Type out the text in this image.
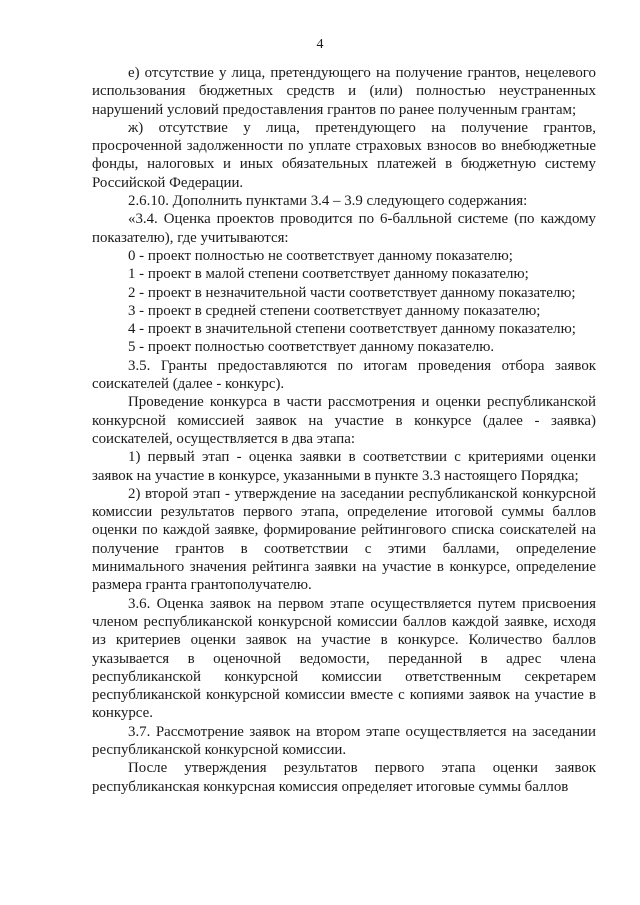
4

е) отсутствие у лица, претендующего на получение грантов, нецелевого использования бюджетных средств и (или) полностью неустраненных нарушений условий предоставления грантов по ранее полученным грантам;

ж) отсутствие у лица, претендующего на получение грантов, просроченной задолженности по уплате страховых взносов во внебюджетные фонды, налоговых и иных обязательных платежей в бюджетную систему Российской Федерации.

2.6.10. Дополнить пунктами 3.4 – 3.9 следующего содержания:

«3.4. Оценка проектов проводится по 6-балльной системе (по каждому показателю), где учитываются:

0 - проект полностью не соответствует данному показателю;

1 - проект в малой степени соответствует данному показателю;

2 - проект в незначительной части соответствует данному показателю;

3 - проект в средней степени соответствует данному показателю;

4 - проект в значительной степени соответствует данному показателю;

5 - проект полностью соответствует данному показателю.

3.5. Гранты предоставляются по итогам проведения отбора заявок соискателей (далее - конкурс).

Проведение конкурса в части рассмотрения и оценки республиканской конкурсной комиссией заявок на участие в конкурсе (далее - заявка) соискателей, осуществляется в два этапа:

1) первый этап - оценка заявки в соответствии с критериями оценки заявок на участие в конкурсе, указанными в пункте 3.3 настоящего Порядка;

2) второй этап - утверждение на заседании республиканской конкурсной комиссии результатов первого этапа, определение итоговой суммы баллов оценки по каждой заявке, формирование рейтингового списка соискателей на получение грантов в соответствии с этими баллами, определение минимального значения рейтинга заявки на участие в конкурсе, определение размера гранта грантополучателю.

3.6. Оценка заявок на первом этапе осуществляется путем присвоения членом республиканской конкурсной комиссии баллов каждой заявке, исходя из критериев оценки заявок на участие в конкурсе. Количество баллов указывается в оценочной ведомости, переданной в адрес члена республиканской конкурсной комиссии ответственным секретарем республиканской конкурсной комиссии вместе с копиями заявок на участие в конкурсе.

3.7. Рассмотрение заявок на втором этапе осуществляется на заседании республиканской конкурсной комиссии.

После утверждения результатов первого этапа оценки заявок республиканская конкурсная комиссия определяет итоговые суммы баллов
